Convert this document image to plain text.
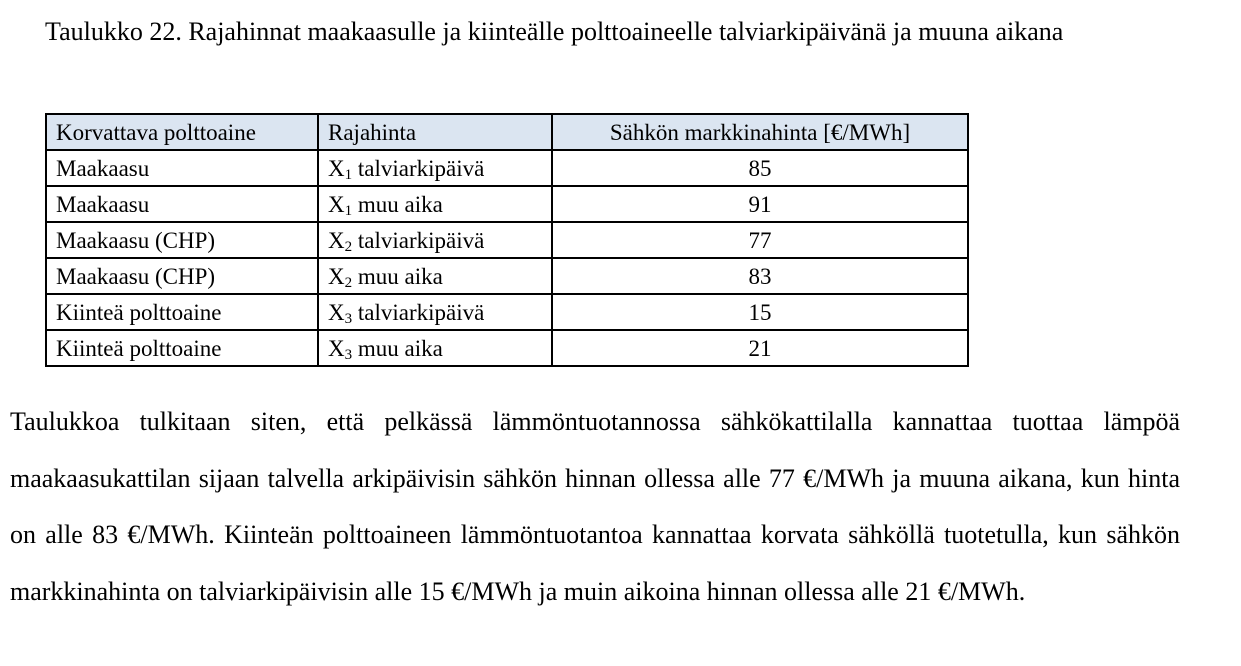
Taulukko 22. Rajahinnat maakaasulle ja kiinteälle polttoaineelle talviarkipäivänä ja muuna aikana

Korvattava polttoaine	Rajahinta	Sähkön markkinahinta [€/MWh]
Maakaasu	$X_1$ talviarkipäivä	85
Maakaasu	$X_1$ muu aika	91
Maakaasu (CHP)	$X_2$ talviarkipäivä	77
Maakaasu (CHP)	$X_2$ muu aika	83
Kiinteä polttoaine	$X_3$ talviarkipäivä	15
Kiinteä polttoaine	$X_3$ muu aika	21

Taulukkoa tulkitaan siten, että pelkässä lämmöntuotannossa sähkökattilalla kannattaa tuottaa lämpöä maakaasukattilan sijaan talvella arkipäivisin sähkön hinnan ollessa alle 77 €/MWh ja muuna aikana, kun hinta on alle 83 €/MWh. Kiinteän polttoaineen lämmöntuotantoa kannattaa korvata sähköllä tuotetulla, kun sähkön markkinahinta on talviarkipäivisin alle 15 €/MWh ja muin aikoina hinnan ollessa alle 21 €/MWh.
